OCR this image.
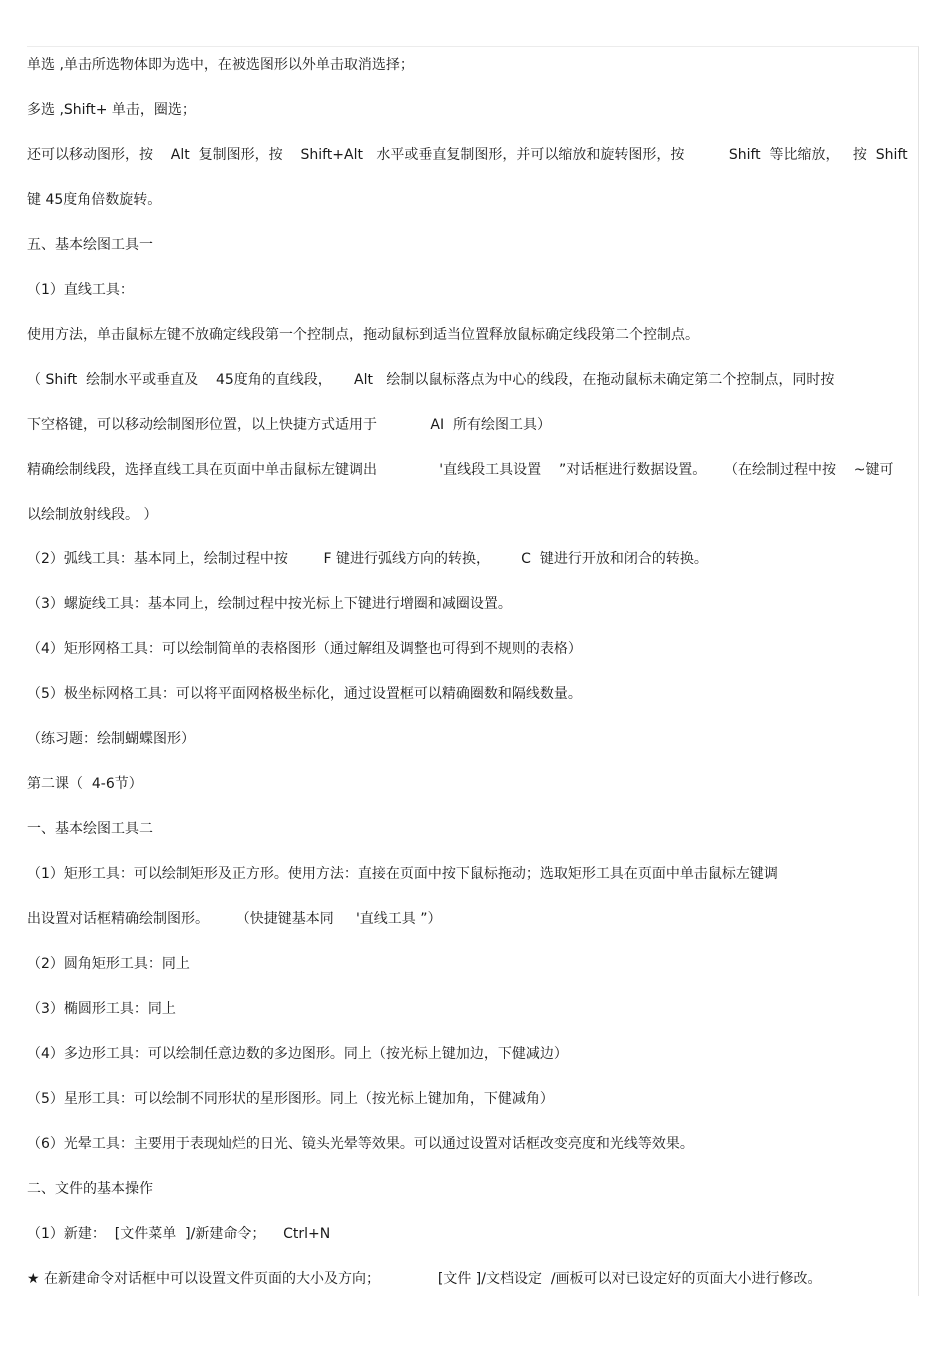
单选 ,单击所选物体即为选中，在被选图形以外单击取消选择；
多选 ,Shift+ 单击，圈选；
还可以移动图形，按    Alt  复制图形，按    Shift+Alt   水平或垂直复制图形，并可以缩放和旋转图形，按          Shift  等比缩放，   按  Shift
键 45度角倍数旋转。
五、基本绘图工具一
（1）直线工具：
使用方法，单击鼠标左键不放确定线段第一个控制点，拖动鼠标到适当位置释放鼠标确定线段第二个控制点。
（ Shift  绘制水平或垂直及    45度角的直线段，     Alt   绘制以鼠标落点为中心的线段，在拖动鼠标未确定第二个控制点，同时按
下空格键，可以移动绘制图形位置，以上快捷方式适用于            AI  所有绘图工具）
精确绘制线段，选择直线工具在页面中单击鼠标左键调出              '直线段工具设置    ”对话框进行数据设置。    （在绘制过程中按    ~键可
以绘制放射线段。 ）
（2）弧线工具：基本同上，绘制过程中按        F 键进行弧线方向的转换，       C  键进行开放和闭合的转换。
（3）螺旋线工具：基本同上，绘制过程中按光标上下键进行增圈和减圈设置。
（4）矩形网格工具：可以绘制简单的表格图形（通过解组及调整也可得到不规则的表格）
（5）极坐标网格工具：可以将平面网格极坐标化，通过设置框可以精确圈数和隔线数量。
（练习题：绘制蝴蝶图形）
第二课（  4-6节）
一、基本绘图工具二
（1）矩形工具：可以绘制矩形及正方形。使用方法：直接在页面中按下鼠标拖动；选取矩形工具在页面中单击鼠标左键调
出设置对话框精确绘制图形。      （快捷键基本同     '直线工具 ”）
（2）圆角矩形工具：同上
（3）椭圆形工具：同上
（4）多边形工具：可以绘制任意边数的多边图形。同上（按光标上键加边，下健减边）
（5）星形工具：可以绘制不同形状的星形图形。同上（按光标上键加角，下健减角）
（6）光晕工具：主要用于表现灿烂的日光、镜头光晕等效果。可以通过设置对话框改变亮度和光线等效果。
二、文件的基本操作
（1）新建：  [文件菜单  ]/新建命令；    Ctrl+N
★ 在新建命令对话框中可以设置文件页面的大小及方向；             [文件 ]/文档设定  /画板可以对已设定好的页面大小进行修改。
